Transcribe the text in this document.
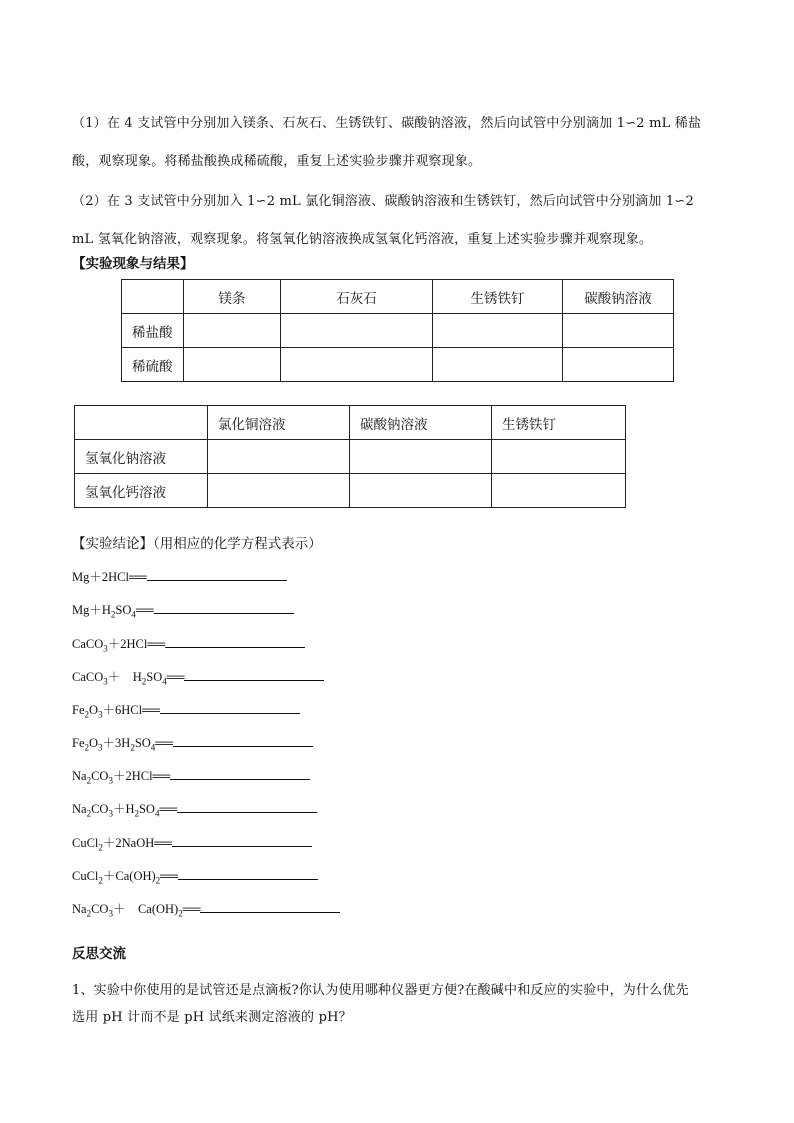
（1）在 4 支试管中分别加入镁条、石灰石、生锈铁钉、碳酸钠溶液，然后向试管中分别滴加 1∽2 mL 稀盐
酸，观察现象。将稀盐酸换成稀硫酸，重复上述实验步骤并观察现象。
（2）在 3 支试管中分别加入 1∽2 mL 氯化铜溶液、碳酸钠溶液和生锈铁钉，然后向试管中分别滴加 1∽2
mL 氢氧化钠溶液，观察现象。将氢氧化钠溶液换成氢氧化钙溶液，重复上述实验步骤并观察现象。
【实验现象与结果】
	镁条	石灰石	生锈铁钉	碳酸钠溶液
稀盐酸				
稀硫酸				
	氯化铜溶液	碳酸钠溶液	生锈铁钉
氢氧化钠溶液			
氢氧化钙溶液			
【实验结论】（用相应的化学方程式表示）
Mg＋2HCl══
$Mg+H_2SO_4══$
CaCO$_3$＋2HCl══
CaCO$_3$＋　$H_2SO_4══$
$Fe_2O_3+6HCl══$
$Fe_2O_3+3H_2SO_4══$
$Na_2CO_3+2HCl══$
$Na_2CO_3+H_2SO_4══$
CuCl$_2$＋2NaOH══
$CuCl_2+Ca(OH)_2══$
$Na_2CO_3+$　$Ca(OH)_2══$
反思交流
1、实验中你使用的是试管还是点滴板?你认为使用哪种仪器更方便?在酸碱中和反应的实验中，为什么优先
选用 pH 计而不是 pH 试纸来测定溶液的 pH？
